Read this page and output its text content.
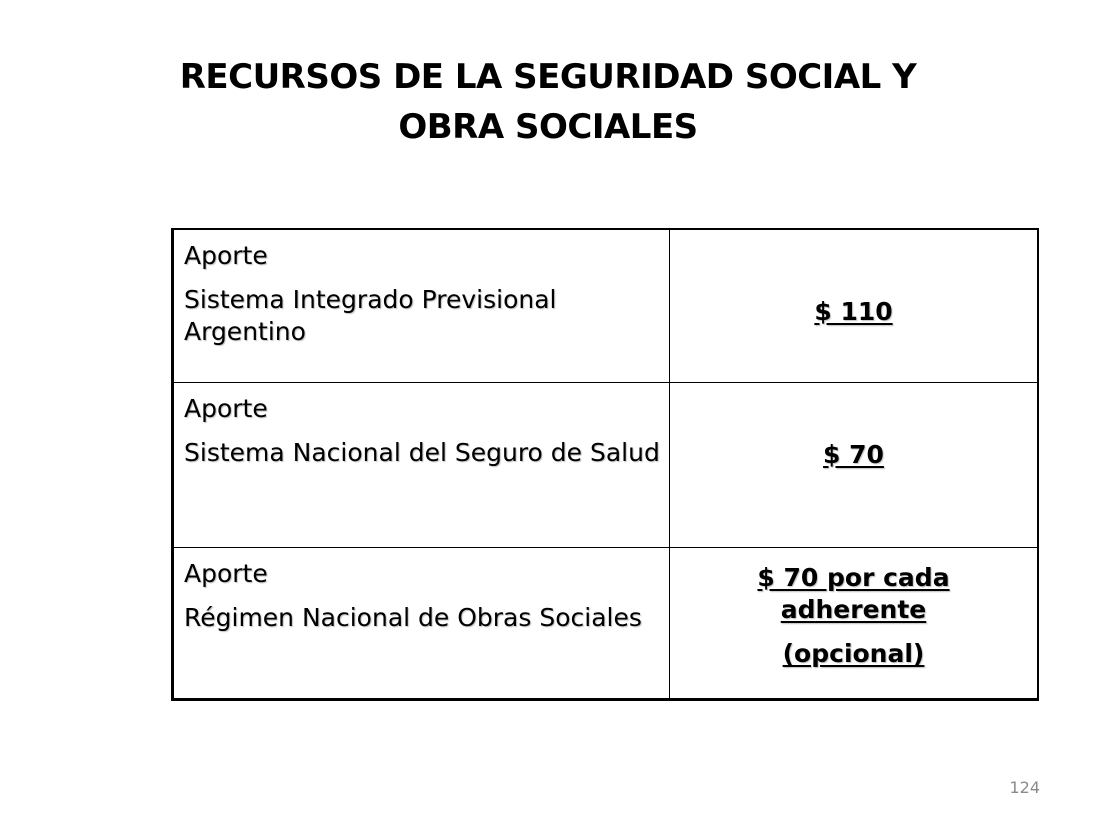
RECURSOS DE LA SEGURIDAD SOCIAL Y
OBRA SOCIALES
Aporte
Sistema Integrado Previsional Argentino	$ 110

Aporte
Sistema Nacional del Seguro de Salud	$ 70

Aporte
Régimen Nacional de Obras Sociales	$ 70 por cada adherente
(opcional)
124
